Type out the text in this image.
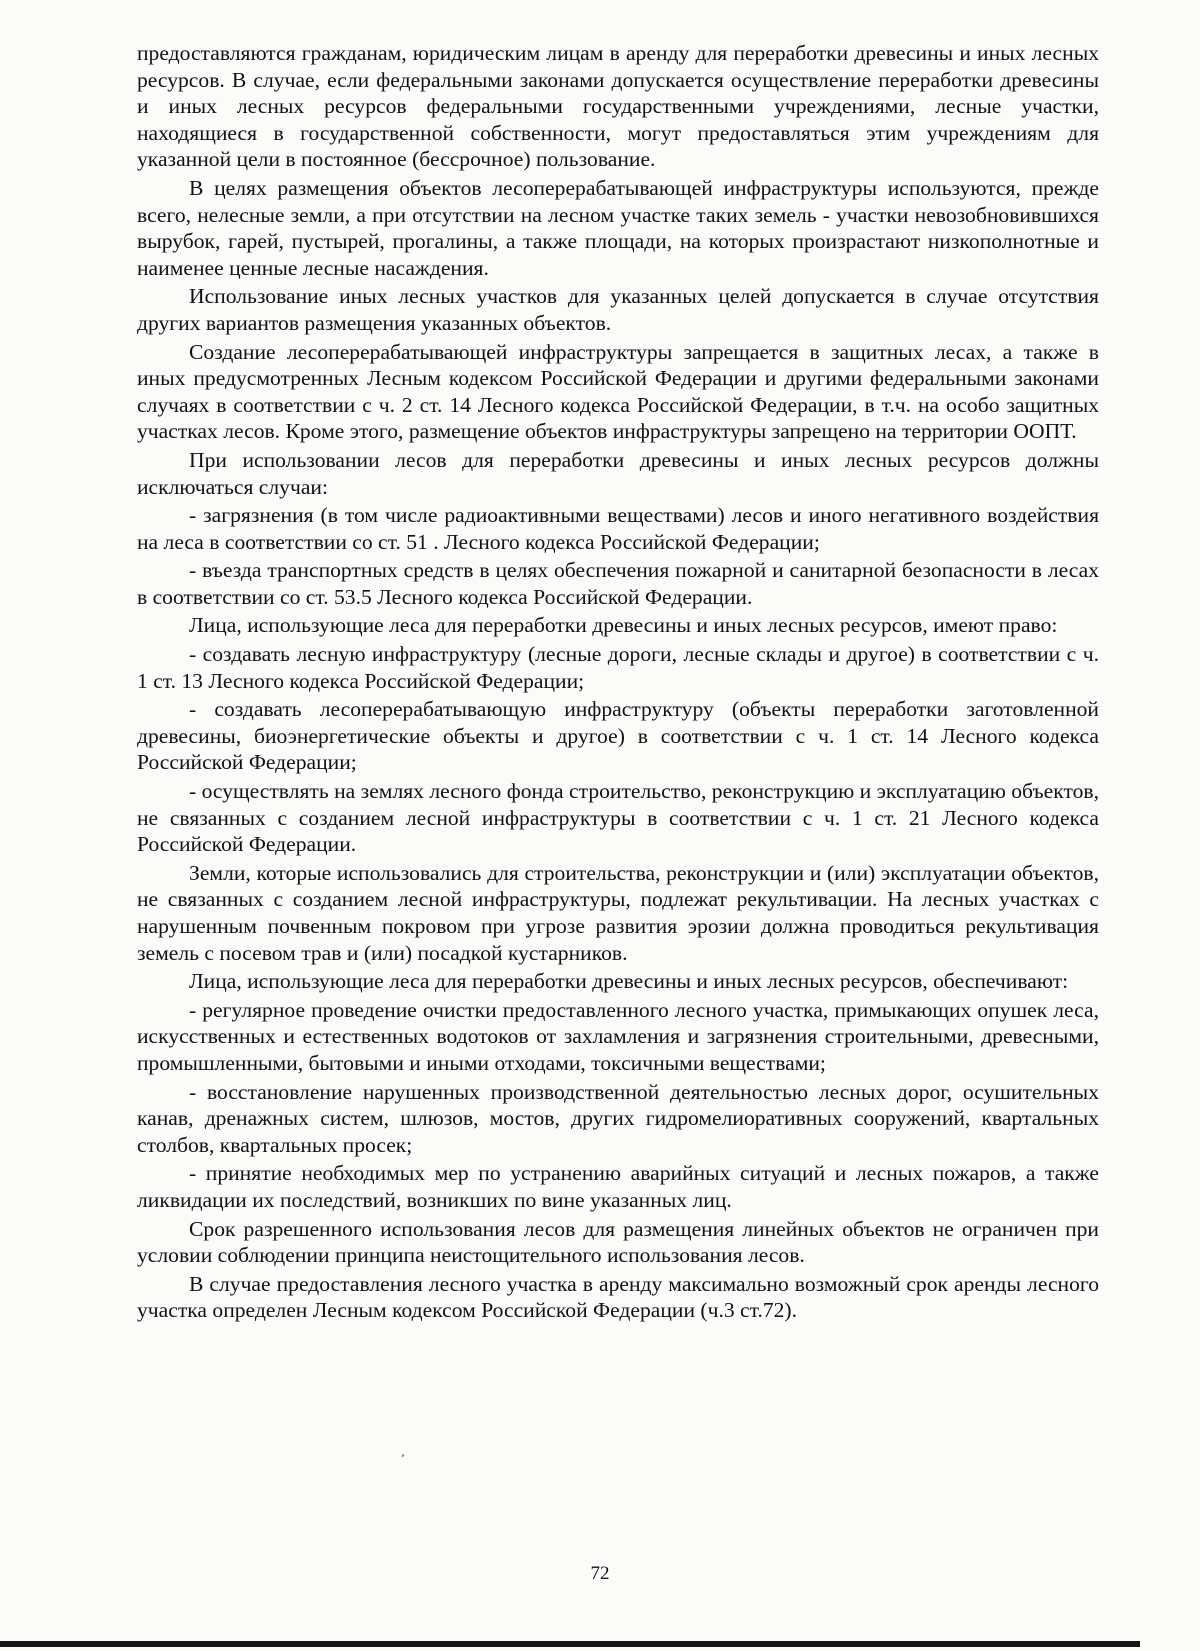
предоставляются гражданам, юридическим лицам в аренду для переработки древесины и иных лесных ресурсов. В случае, если федеральными законами допускается осуществление переработки древесины и иных лесных ресурсов федеральными государственными учреждениями, лесные участки, находящиеся в государственной собственности, могут предоставляться этим учреждениям для указанной цели в постоянное (бессрочное) пользование.

В целях размещения объектов лесоперерабатывающей инфраструктуры используются, прежде всего, нелесные земли, а при отсутствии на лесном участке таких земель - участки невозобновившихся вырубок, гарей, пустырей, прогалины, а также площади, на которых произрастают низкополнотные и наименее ценные лесные насаждения.

Использование иных лесных участков для указанных целей допускается в случае отсутствия других вариантов размещения указанных объектов.

Создание лесоперерабатывающей инфраструктуры запрещается в защитных лесах, а также в иных предусмотренных Лесным кодексом Российской Федерации и другими федеральными законами случаях в соответствии с ч. 2 ст. 14 Лесного кодекса Российской Федерации, в т.ч. на особо защитных участках лесов. Кроме этого, размещение объектов инфраструктуры запрещено на территории ООПТ.

При использовании лесов для переработки древесины и иных лесных ресурсов должны исключаться случаи:

- загрязнения (в том числе радиоактивными веществами) лесов и иного негативного воздействия на леса в соответствии со ст. 51 . Лесного кодекса Российской Федерации;

- въезда транспортных средств в целях обеспечения пожарной и санитарной безопасности в лесах в соответствии со ст. 53.5 Лесного кодекса Российской Федерации.

Лица, использующие леса для переработки древесины и иных лесных ресурсов, имеют право:

- создавать лесную инфраструктуру (лесные дороги, лесные склады и другое) в соответствии с ч. 1 ст. 13 Лесного кодекса Российской Федерации;

- создавать лесоперерабатывающую инфраструктуру (объекты переработки заготовленной древесины, биоэнергетические объекты и другое) в соответствии с ч. 1 ст. 14 Лесного кодекса Российской Федерации;

- осуществлять на землях лесного фонда строительство, реконструкцию и эксплуатацию объектов, не связанных с созданием лесной инфраструктуры в соответствии с ч. 1 ст. 21 Лесного кодекса Российской Федерации.

Земли, которые использовались для строительства, реконструкции и (или) эксплуатации объектов, не связанных с созданием лесной инфраструктуры, подлежат рекультивации. На лесных участках с нарушенным почвенным покровом при угрозе развития эрозии должна проводиться рекультивация земель с посевом трав и (или) посадкой кустарников.

Лица, использующие леса для переработки древесины и иных лесных ресурсов, обеспечивают:

- регулярное проведение очистки предоставленного лесного участка, примыкающих опушек леса, искусственных и естественных водотоков от захламления и загрязнения строительными, древесными, промышленными, бытовыми и иными отходами, токсичными веществами;

- восстановление нарушенных производственной деятельностью лесных дорог, осушительных канав, дренажных систем, шлюзов, мостов, других гидромелиоративных сооружений, квартальных столбов, квартальных просек;

- принятие необходимых мер по устранению аварийных ситуаций и лесных пожаров, а также ликвидации их последствий, возникших по вине указанных лиц.

Срок разрешенного использования лесов для размещения линейных объектов не ограничен при условии соблюдении принципа неистощительного использования лесов.

В случае предоставления лесного участка в аренду максимально возможный срок аренды лесного участка определен Лесным кодексом Российской Федерации (ч.3 ст.72).

72
